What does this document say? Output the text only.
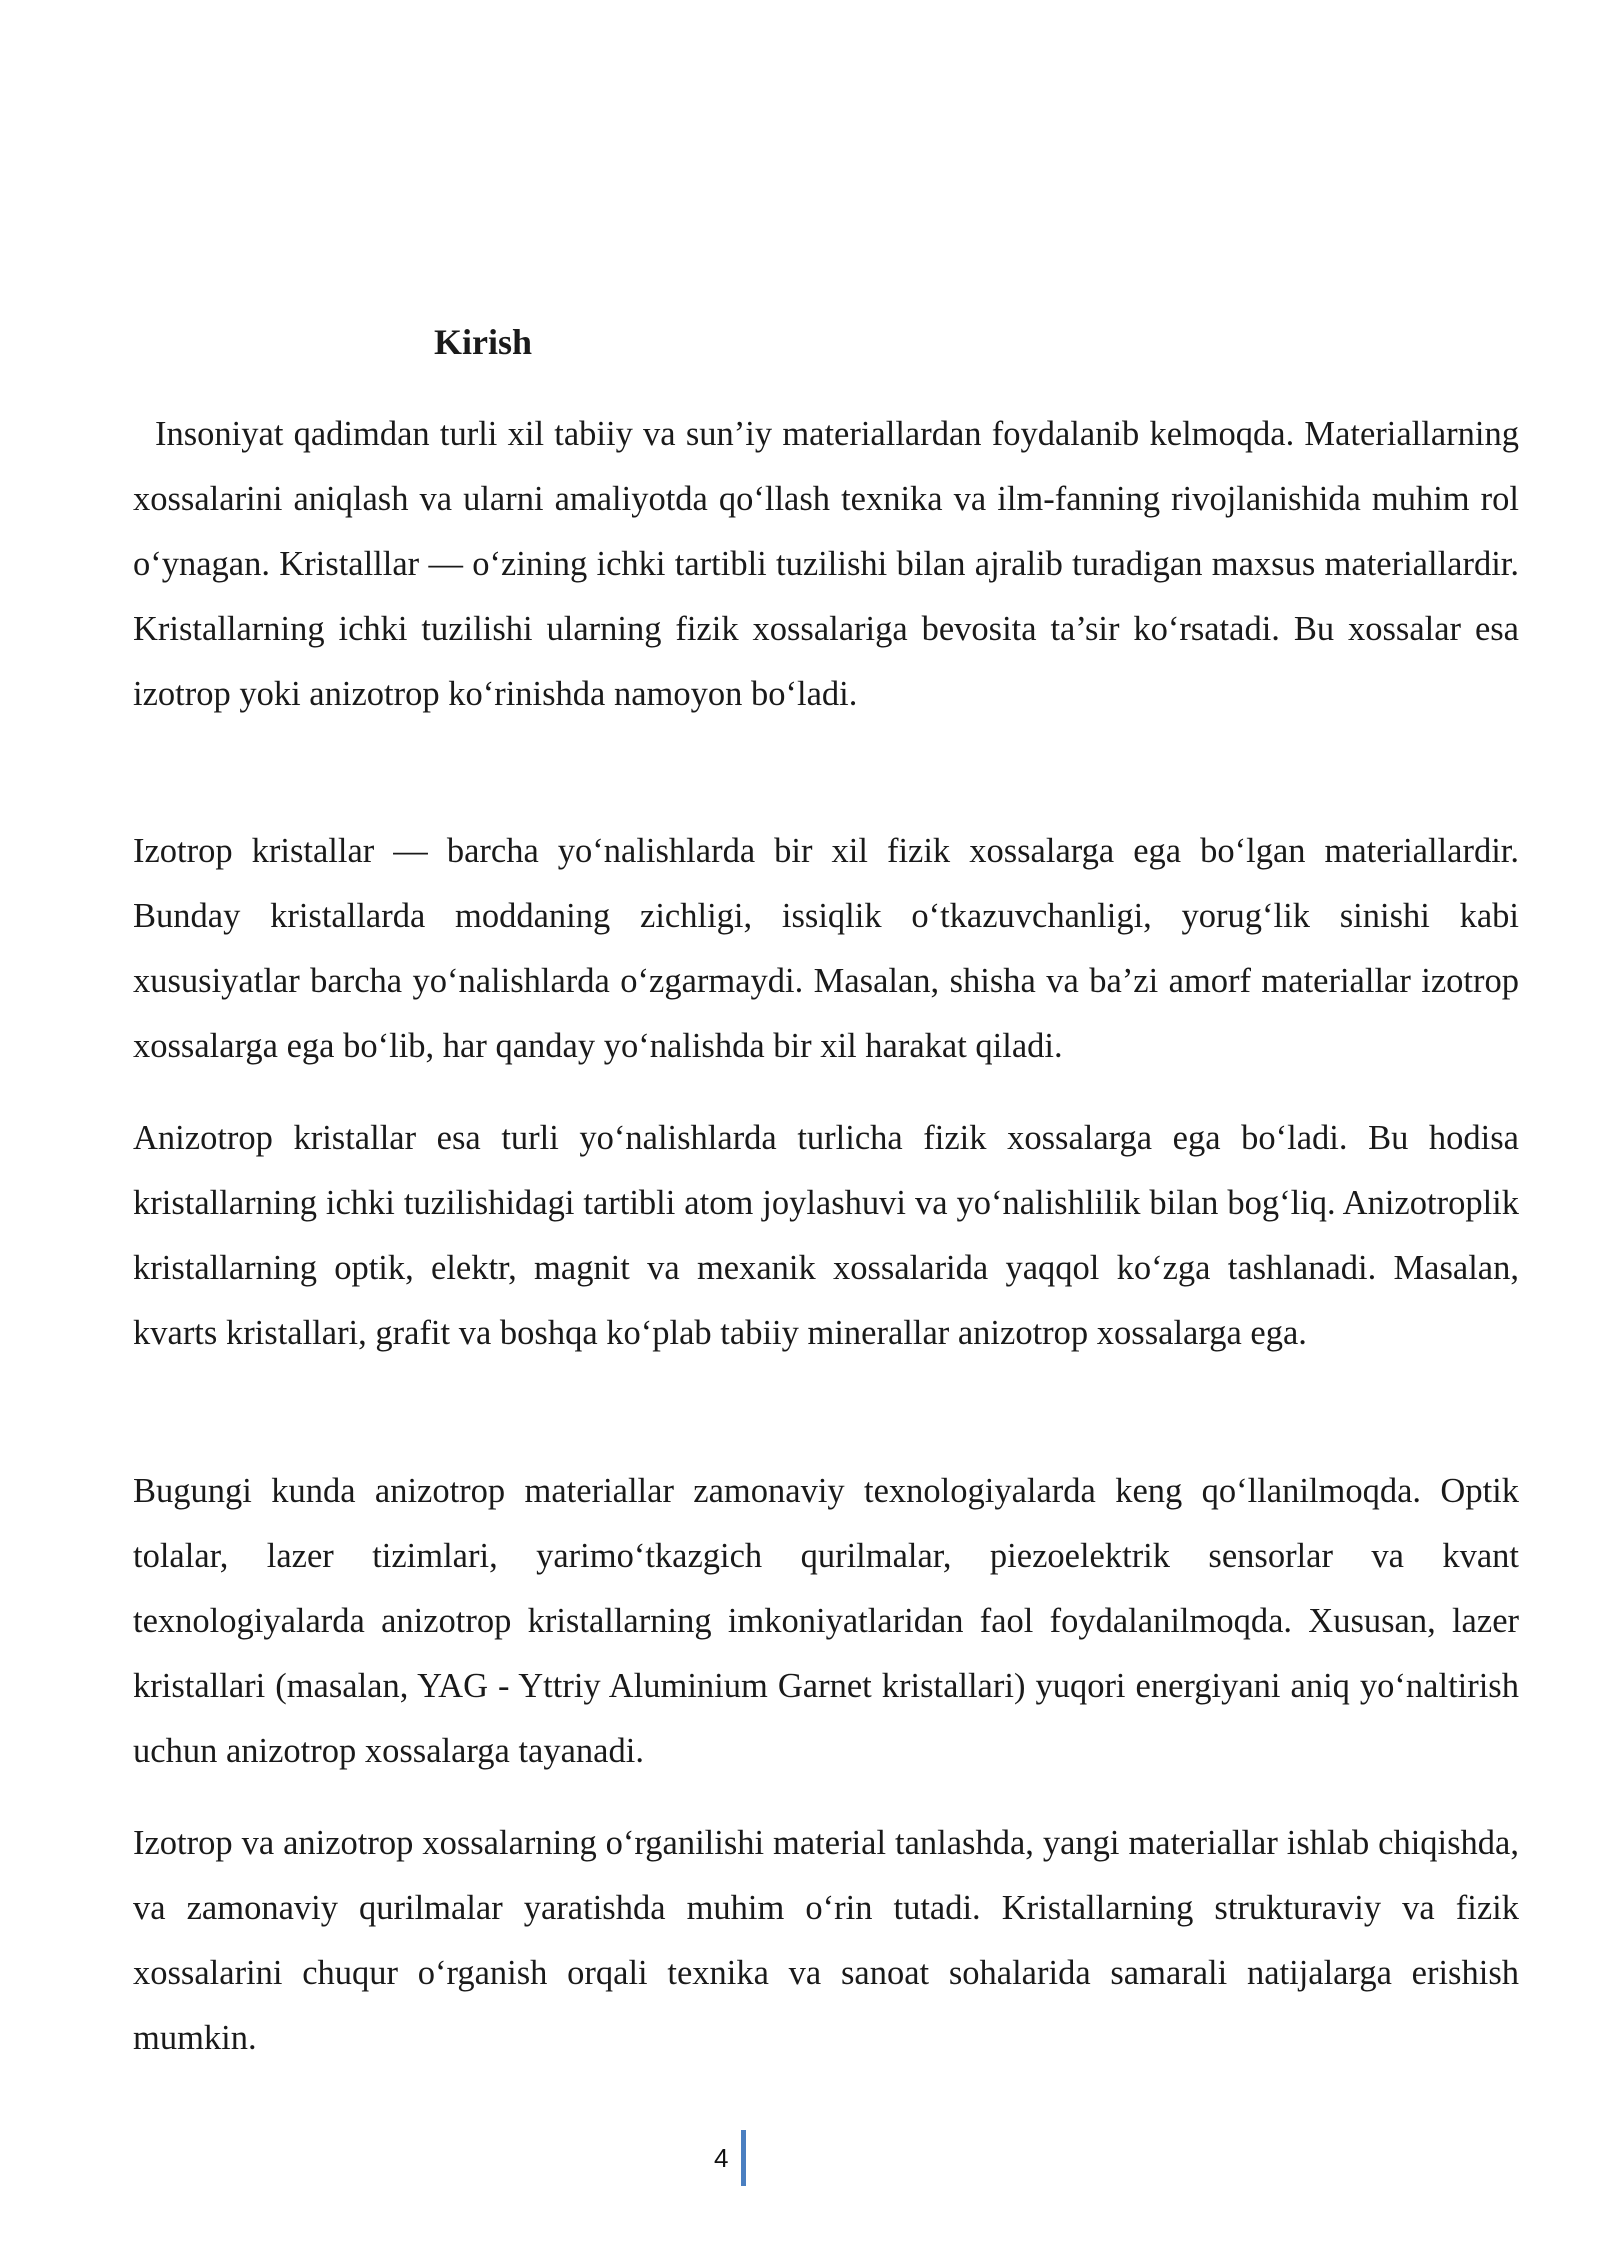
Kirish

Insoniyat qadimdan turli xil tabiiy va sun’iy materiallardan foydalanib kelmoqda. Materiallarning xossalarini aniqlash va ularni amaliyotda qo‘llash texnika va ilm-fanning rivojlanishida muhim rol o‘ynagan. Kristalllar — o‘zining ichki tartibli tuzilishi bilan ajralib turadigan maxsus materiallardir. Kristallarning ichki tuzilishi ularning fizik xossalariga bevosita ta’sir ko‘rsatadi. Bu xossalar esa izotrop yoki anizotrop ko‘rinishda namoyon bo‘ladi.

Izotrop kristallar — barcha yo‘nalishlarda bir xil fizik xossalarga ega bo‘lgan materiallardir. Bunday kristallarda moddaning zichligi, issiqlik o‘tkazuvchanligi, yorug‘lik sinishi kabi xususiyatlar barcha yo‘nalishlarda o‘zgarmaydi. Masalan, shisha va ba’zi amorf materiallar izotrop xossalarga ega bo‘lib, har qanday yo‘nalishda bir xil harakat qiladi.

Anizotrop kristallar esa turli yo‘nalishlarda turlicha fizik xossalarga ega bo‘ladi. Bu hodisa kristallarning ichki tuzilishidagi tartibli atom joylashuvi va yo‘nalishlilik bilan bog‘liq. Anizotroplik kristallarning optik, elektr, magnit va mexanik xossalarida yaqqol ko‘zga tashlanadi. Masalan, kvarts kristallari, grafit va boshqa ko‘plab tabiiy minerallar anizotrop xossalarga ega.

Bugungi kunda anizotrop materiallar zamonaviy texnologiyalarda keng qo‘llanilmoqda. Optik tolalar, lazer tizimlari, yarimo‘tkazgich qurilmalar, piezoelektrik sensorlar va kvant texnologiyalarda anizotrop kristallarning imkoniyatlaridan faol foydalanilmoqda. Xususan, lazer kristallari (masalan, YAG - Yttriy Aluminium Garnet kristallari) yuqori energiyani aniq yo‘naltirish uchun anizotrop xossalarga tayanadi.

Izotrop va anizotrop xossalarning o‘rganilishi material tanlashda, yangi materiallar ishlab chiqishda, va zamonaviy qurilmalar yaratishda muhim o‘rin tutadi. Kristallarning strukturaviy va fizik xossalarini chuqur o‘rganish orqali texnika va sanoat sohalarida samarali natijalarga erishish mumkin.

4
